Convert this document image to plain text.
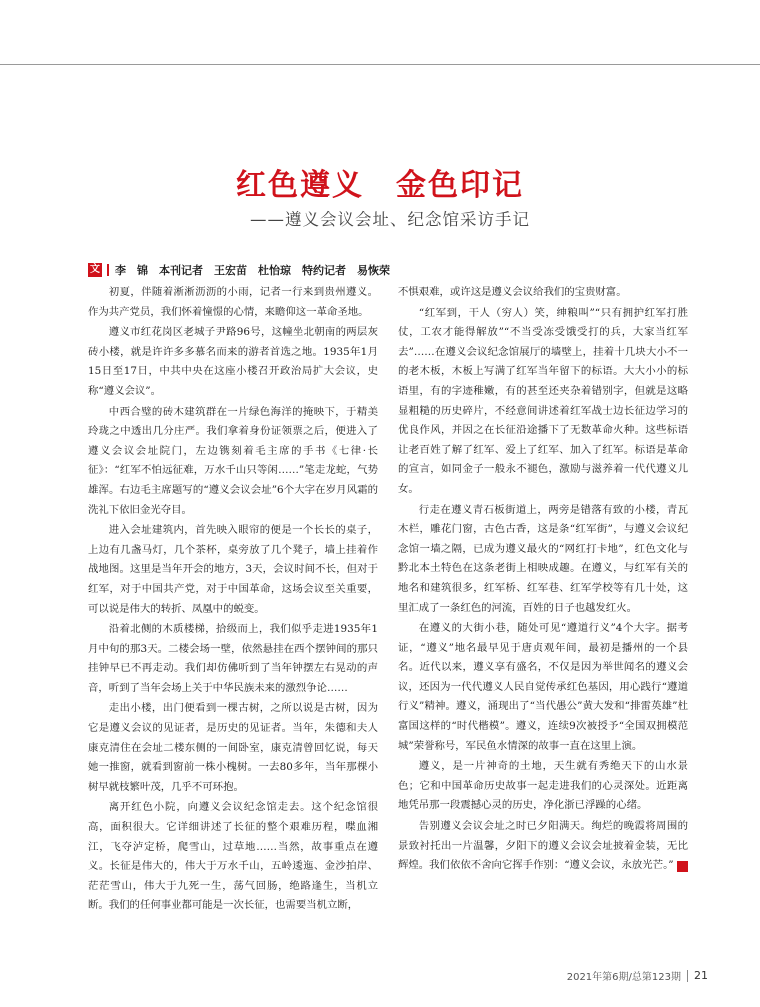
红色遵义　金色印记
——遵义会议会址、纪念馆采访手记
文 李　锦　本刊记者　王宏苗　杜怡琼　特约记者　易恢荣

初夏，伴随着淅淅沥沥的小雨，记者一行来到贵州遵义。作为共产党员，我们怀着憧憬的心情，来瞻仰这一革命圣地。

遵义市红花岗区老城子尹路96号，这幢坐北朝南的两层灰砖小楼，就是许许多多慕名而来的游者首选之地。1935年1月15日至17日，中共中央在这座小楼召开政治局扩大会议，史称“遵义会议”。

中西合璧的砖木建筑群在一片绿色海洋的掩映下，于精美玲珑之中透出几分庄严。我们拿着身份证领票之后，便进入了遵义会议会址院门，左边镌刻着毛主席的手书《七律·长征》：“红军不怕远征难，万水千山只等闲……”笔走龙蛇，气势雄浑。右边毛主席题写的“遵义会议会址”6个大字在岁月风霜的洗礼下依旧金光夺目。

进入会址建筑内，首先映入眼帘的便是一个长长的桌子，上边有几盏马灯，几个茶杯，桌旁放了几个凳子，墙上挂着作战地图。这里是当年开会的地方，3天，会议时间不长，但对于红军，对于中国共产党，对于中国革命，这场会议至关重要，可以说是伟大的转折、凤凰中的蜕变。

沿着北侧的木质楼梯，拾级而上，我们似乎走进1935年1月中旬的那3天。二楼会场一壁，依然悬挂在西个摆钟间的那只挂钟早已不再走动。我们却仿佛听到了当年钟摆左右晃动的声音，听到了当年会场上关于中华民族未来的激烈争论……

走出小楼，出门便看到一棵古树，之所以说是古树，因为它是遵义会议的见证者，是历史的见证者。当年，朱德和夫人康克清住在会址二楼东侧的一间卧室，康克清曾回忆说，每天她一推窗，就看到窗前一株小槐树。一去80多年，当年那棵小树早就枝繁叶茂，几乎不可环抱。

离开红色小院，向遵义会议纪念馆走去。这个纪念馆很高，面积很大。它详细讲述了长征的整个艰难历程，喋血湘江，飞夺泸定桥，爬雪山，过草地……当然，故事重点在遵义。长征是伟大的，伟大于万水千山，五岭逶迤、金沙拍岸、茫茫雪山，伟大于九死一生，荡气回肠，绝路逢生，当机立断。我们的任何事业都可能是一次长征，也需要当机立断，

不惧艰难，或许这是遵义会议给我们的宝贵财富。

“红军到，干人（穷人）笑，绅粮叫”“只有拥护红军打胜仗，工农才能得解放”“不当受冻受饿受打的兵，大家当红军去”……在遵义会议纪念馆展厅的墙壁上，挂着十几块大小不一的老木板，木板上写满了红军当年留下的标语。大大小小的标语里，有的字迹稚嫩，有的甚至还夹杂着错别字，但就是这略显粗糙的历史碎片，不经意间讲述着红军战士边长征边学习的优良作风，并因之在长征沿途播下了无数革命火种。这些标语让老百姓了解了红军、爱上了红军、加入了红军。标语是革命的宣言，如同金子一般永不褪色，激励与滋养着一代代遵义儿女。

行走在遵义青石板街道上，两旁是错落有致的小楼，青瓦木栏，雕花门窗，古色古香，这是条“红军街”，与遵义会议纪念馆一墙之隔，已成为遵义最火的“网红打卡地”，红色文化与黔北本土特色在这条老街上相映成趣。在遵义，与红军有关的地名和建筑很多，红军桥、红军巷、红军学校等有几十处，这里汇成了一条红色的河流，百姓的日子也越发红火。

在遵义的大街小巷，随处可见“遵道行义”4个大字。据考证，“遵义”地名最早见于唐贞观年间，最初是播州的一个县名。近代以来，遵义享有盛名，不仅是因为举世闻名的遵义会议，还因为一代代遵义人民自觉传承红色基因，用心践行“遵道行义”精神。遵义，涌现出了“当代愚公”黄大发和“排雷英雄”杜富国这样的“时代楷模”。遵义，连续9次被授予“全国双拥模范城”荣誉称号，军民鱼水情深的故事一直在这里上演。

遵义，是一片神奇的土地，天生就有秀绝天下的山水景色；它和中国革命历史故事一起走进我们的心灵深处。近距离地凭吊那一段震撼心灵的历史，净化浙已浮躁的心绪。

告别遵义会议会址之时已夕阳满天。绚烂的晚霞将周围的景致衬托出一片温馨，夕阳下的遵义会议会址披着金装，无比辉煌。我们依依不舍向它挥手作别：“遵义会议，永放光芒。”	G

2021年第6期/总第123期 21
